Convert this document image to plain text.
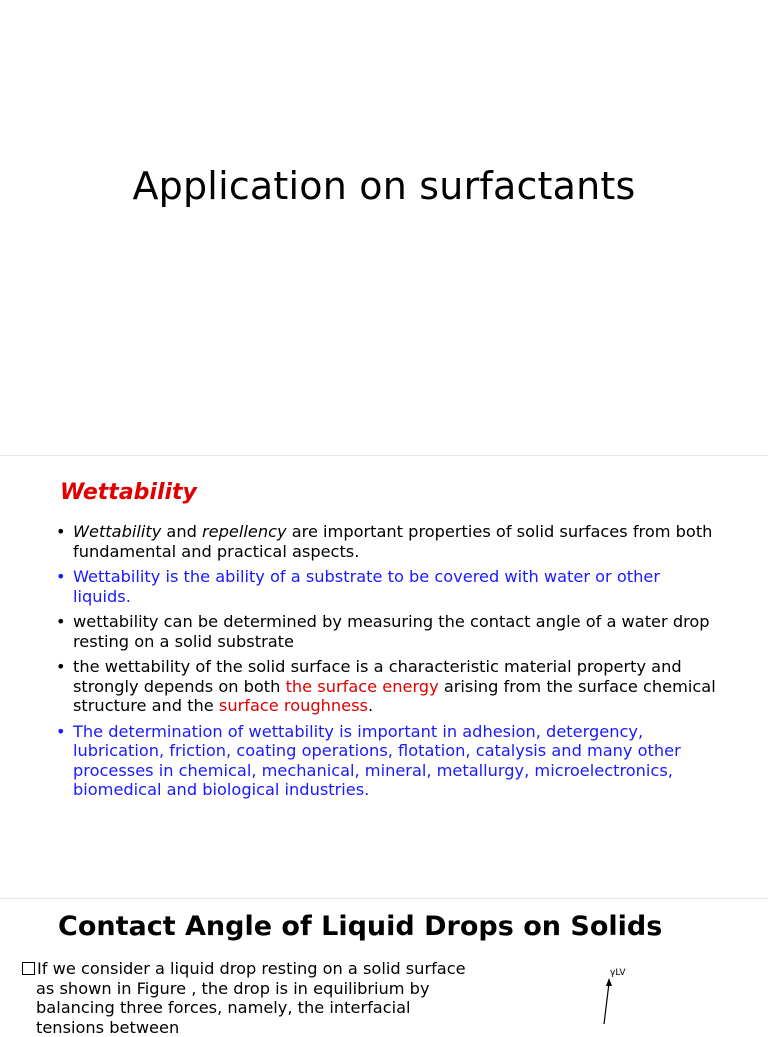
Application on surfactants
Wettability
• Wettability and repellency are important properties of solid surfaces from both fundamental and practical aspects.
• Wettability is the ability of a substrate to be covered with water or other liquids.
• wettability can be determined by measuring the contact angle of a water drop resting on a solid substrate
• the wettability of the solid surface is a characteristic material property and strongly depends on both the surface energy arising from the surface chemical structure and the surface roughness.
• The determination of wettability is important in adhesion, detergency, lubrication, friction, coating operations, flotation, catalysis and many other processes in chemical, mechanical, mineral, metallurgy, microelectronics, biomedical and biological industries.
Contact Angle of Liquid Drops on Solids
If we consider a liquid drop resting on a solid surface
as shown in Figure , the drop is in equilibrium by
balancing three forces, namely, the interfacial
tensions between
γLV
